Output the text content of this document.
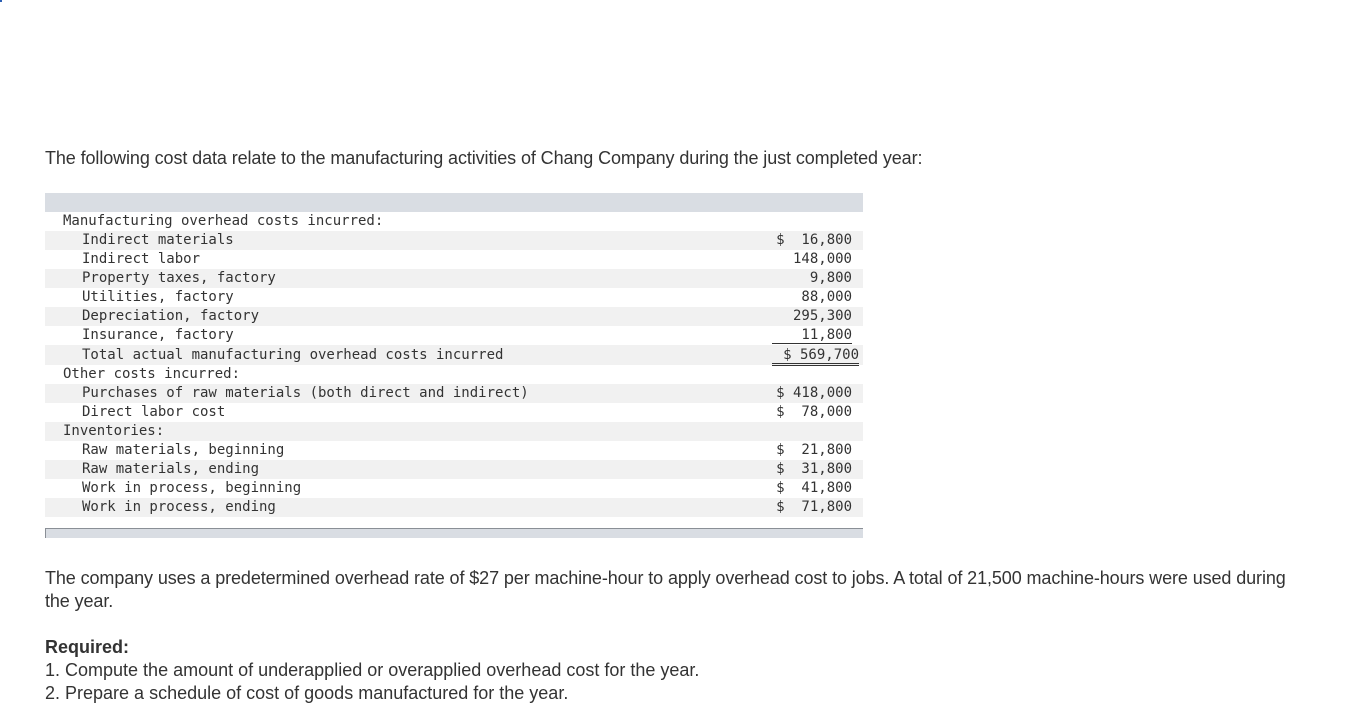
The following cost data relate to the manufacturing activities of Chang Company during the just completed year:
Manufacturing overhead costs incurred:
Indirect materials	$  16,800
Indirect labor	148,000
Property taxes, factory	9,800
Utilities, factory	88,000
Depreciation, factory	295,300
Insurance, factory	11,800
Total actual manufacturing overhead costs incurred	$ 569,700
Other costs incurred:
Purchases of raw materials (both direct and indirect)	$ 418,000
Direct labor cost	$  78,000
Inventories:
Raw materials, beginning	$  21,800
Raw materials, ending	$  31,800
Work in process, beginning	$  41,800
Work in process, ending	$  71,800
The company uses a predetermined overhead rate of $27 per machine-hour to apply overhead cost to jobs. A total of 21,500 machine-hours were used during the year.
Required:
1. Compute the amount of underapplied or overapplied overhead cost for the year.
2. Prepare a schedule of cost of goods manufactured for the year.
